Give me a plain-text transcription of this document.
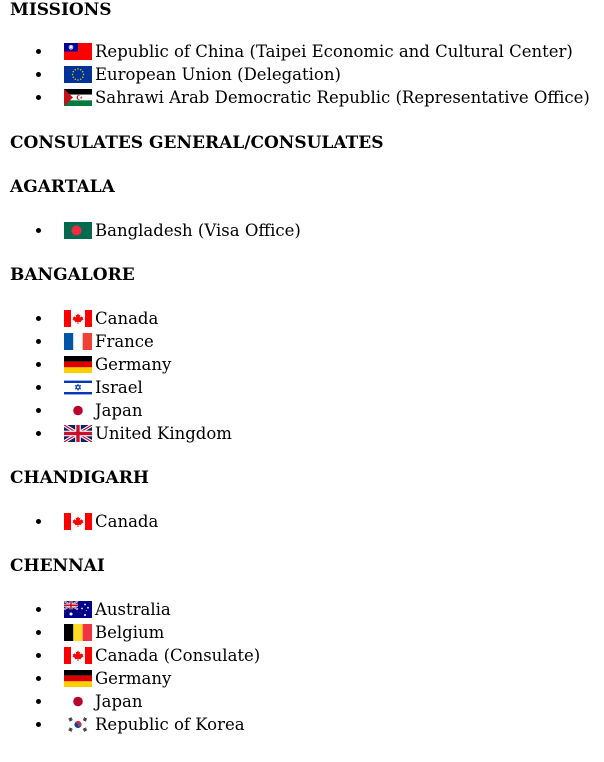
MISSIONS
Republic of China (Taipei Economic and Cultural Center)
European Union (Delegation)
Sahrawi Arab Democratic Republic (Representative Office)
CONSULATES GENERAL/CONSULATES
AGARTALA
Bangladesh (Visa Office)
BANGALORE
Canada
France
Germany
Israel
Japan
United Kingdom
CHANDIGARH
Canada
CHENNAI
Australia
Belgium
Canada (Consulate)
Germany
Japan
Republic of Korea
